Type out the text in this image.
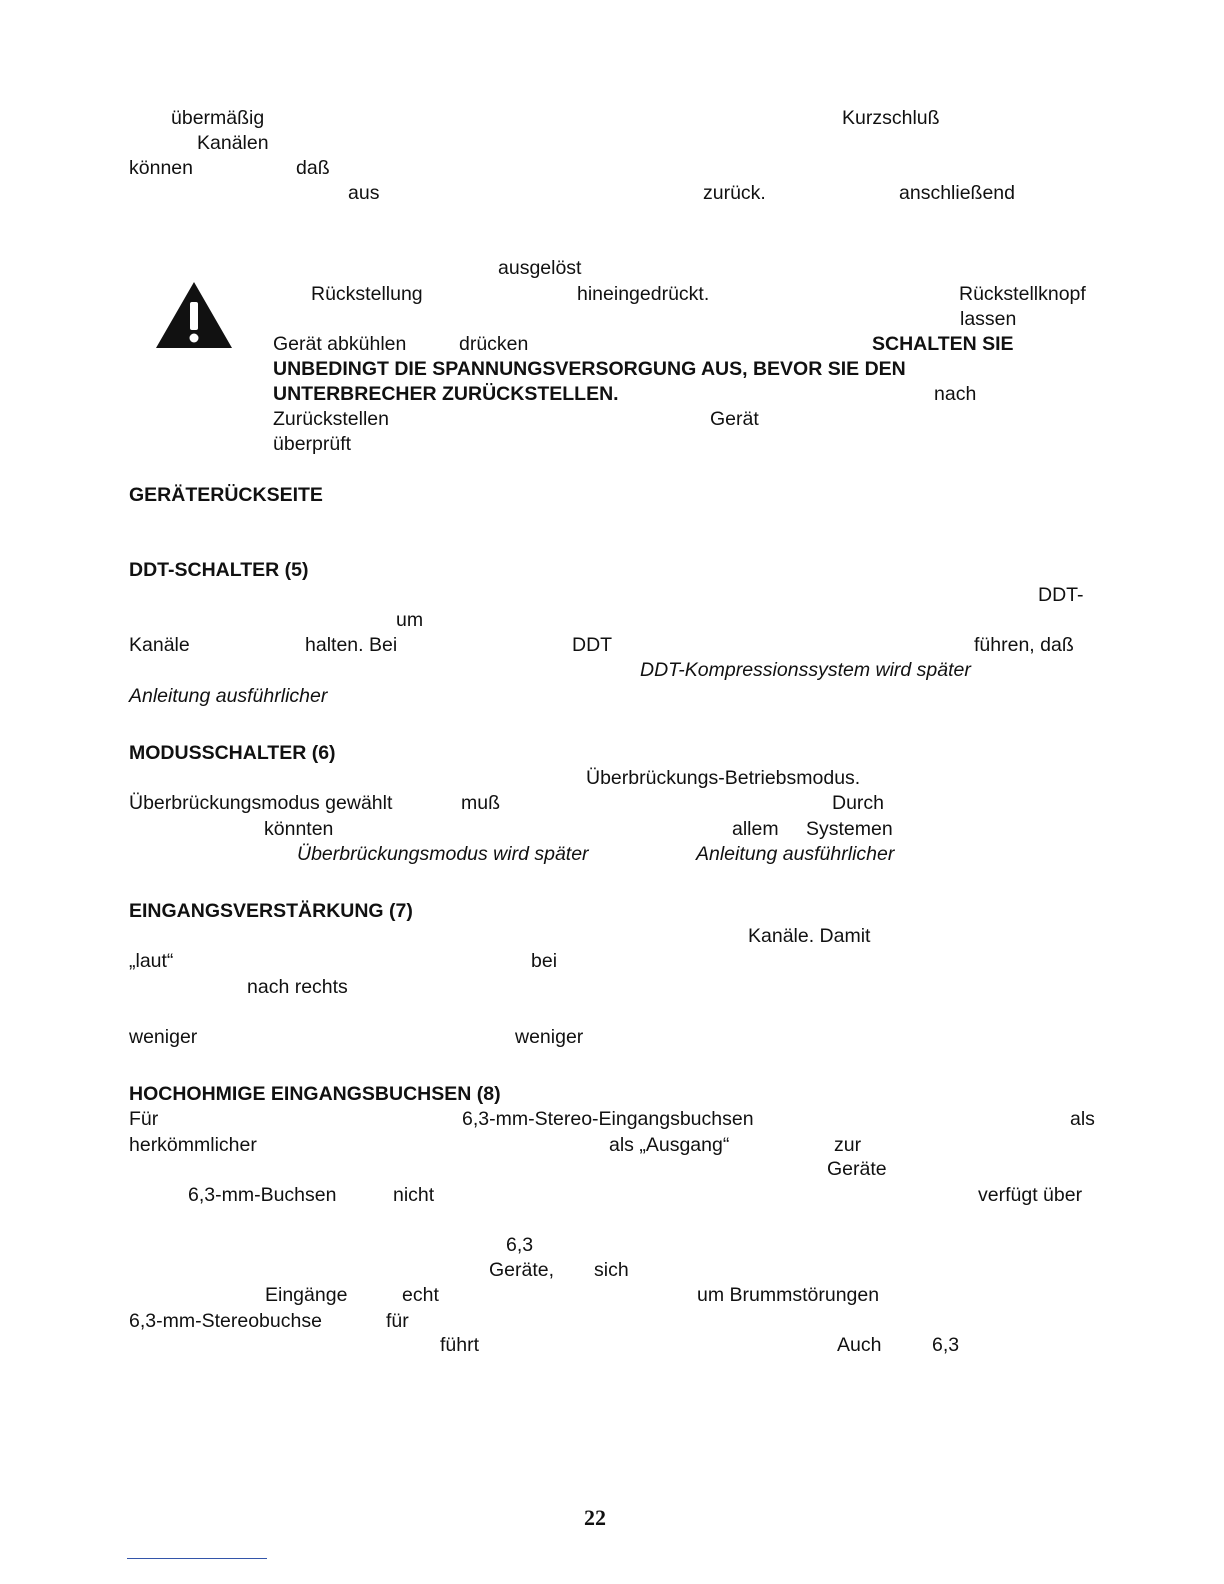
übermäßig	Kurzschluß
Kanälen
können	daß
aus	zurück.	anschließend
ausgelöst
Rückstellung	hineingedrückt.	Rückstellknopf
lassen
Gerät abkühlen	drücken	SCHALTEN SIE
UNBEDINGT DIE SPANNUNGSVERSORGUNG AUS, BEVOR SIE DEN
UNTERBRECHER ZURÜCKSTELLEN.	nach
Zurückstellen	Gerät
überprüft
GERÄTERÜCKSEITE
DDT-SCHALTER (5)
DDT-
um
Kanäle	halten. Bei	DDT	führen, daß
DDT-Kompressionssystem wird später
Anleitung ausführlicher
MODUSSCHALTER (6)
Überbrückungs-Betriebsmodus.
Überbrückungsmodus gewählt	muß	Durch
könnten	allem Systemen
Überbrückungsmodus wird später	Anleitung ausführlicher
EINGANGSVERSTÄRKUNG (7)
Kanäle. Damit
„laut“	bei
nach rechts
weniger	weniger
HOCHOHMIGE EINGANGSBUCHSEN (8)
Für	6,3-mm-Stereo-Eingangsbuchsen	als
herkömmlicher	als „Ausgang“	zur
Geräte
6,3-mm-Buchsen	nicht	verfügt über
6,3
Geräte, sich
Eingänge	echt	um Brummstörungen
6,3-mm-Stereobuchse	für
führt	Auch	6,3
22
